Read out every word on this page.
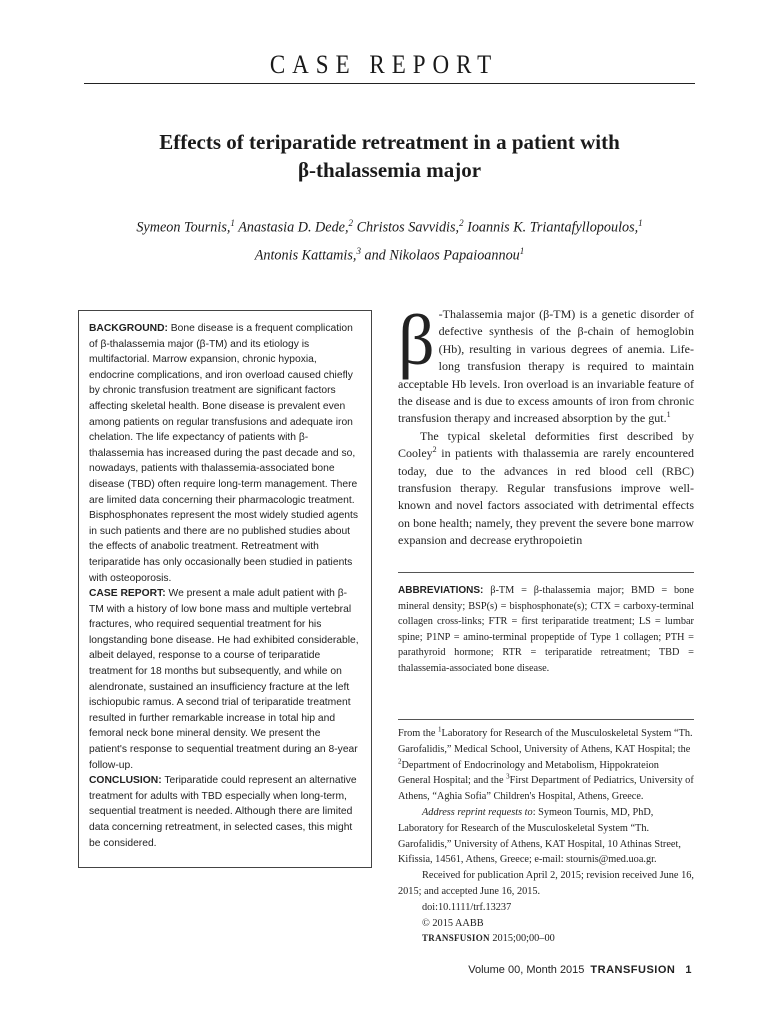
CASE REPORT
Effects of teriparatide retreatment in a patient with
β-thalassemia major
Symeon Tournis,$^1$ Anastasia D. Dede,$^2$ Christos Savvidis,$^2$ Ioannis K. Triantafyllopoulos,$^1$
Antonis Kattamis,$^3$ and Nikolaos Papaioannou$^1$

BACKGROUND: Bone disease is a frequent complication of β-thalassemia major (β-TM) and its etiology is multifactorial. Marrow expansion, chronic hypoxia, endocrine complications, and iron overload caused chiefly by chronic transfusion treatment are significant factors affecting skeletal health. Bone disease is prevalent even among patients on regular transfusions and adequate iron chelation. The life expectancy of patients with β-thalassemia has increased during the past decade and so, nowadays, patients with thalassemia-associated bone disease (TBD) often require long-term management. There are limited data concerning their pharmacologic treatment. Bisphosphonates represent the most widely studied agents in such patients and there are no published studies about the effects of anabolic treatment. Retreatment with teriparatide has only occasionally been studied in patients with osteoporosis.

CASE REPORT: We present a male adult patient with β-TM with a history of low bone mass and multiple vertebral fractures, who required sequential treatment for his longstanding bone disease. He had exhibited considerable, albeit delayed, response to a course of teriparatide treatment for 18 months but subsequently, and while on alendronate, sustained an insufficiency fracture at the left ischiopubic ramus. A second trial of teriparatide treatment resulted in further remarkable increase in total hip and femoral neck bone mineral density. We present the patient's response to sequential treatment during an 8-year follow-up.

CONCLUSION: Teriparatide could represent an alternative treatment for adults with TBD especially when long-term, sequential treatment is needed. Although there are limited data concerning retreatment, in selected cases, this might be considered.

β -Thalassemia major (β-TM) is a genetic disorder of defective synthesis of the β-chain of hemoglobin (Hb), resulting in various degrees of anemia. Life-long transfusion therapy is required to maintain acceptable Hb levels. Iron overload is an invariable feature of the disease and is due to excess amounts of iron from chronic transfusion therapy and increased absorption by the gut.$^1$

The typical skeletal deformities first described by Cooley$^2$ in patients with thalassemia are rarely encountered today, due to the advances in red blood cell (RBC) transfusion therapy. Regular transfusions improve well-known and novel factors associated with detrimental effects on bone health; namely, they prevent the severe bone marrow expansion and decrease erythropoietin

ABBREVIATIONS: β-TM = β-thalassemia major; BMD = bone mineral density; BSP(s) = bisphosphonate(s); CTX = carboxy-terminal collagen cross-links; FTR = first teriparatide treatment; LS = lumbar spine; P1NP = amino-terminal propeptide of Type 1 collagen; PTH = parathyroid hormone; RTR = teriparatide retreatment; TBD = thalassemia-associated bone disease.

From the $^1$Laboratory for Research of the Musculoskeletal System “Th. Garofalidis,” Medical School, University of Athens, KAT Hospital; the $^2$Department of Endocrinology and Metabolism, Hippokrateion General Hospital; and the $^3$First Department of Pediatrics, University of Athens, “Aghia Sofia” Children's Hospital, Athens, Greece.

Address reprint requests to: Symeon Tournis, MD, PhD, Laboratory for Research of the Musculoskeletal System “Th. Garofalidis,” University of Athens, KAT Hospital, 10 Athinas Street, Kifissia, 14561, Athens, Greece; e-mail: stournis@med.uoa.gr.

Received for publication April 2, 2015; revision received June 16, 2015; and accepted June 16, 2015.

doi:10.1111/trf.13237

© 2015 AABB

TRANSFUSION 2015;00;00–00

Volume 00, Month 2015 TRANSFUSION 1
